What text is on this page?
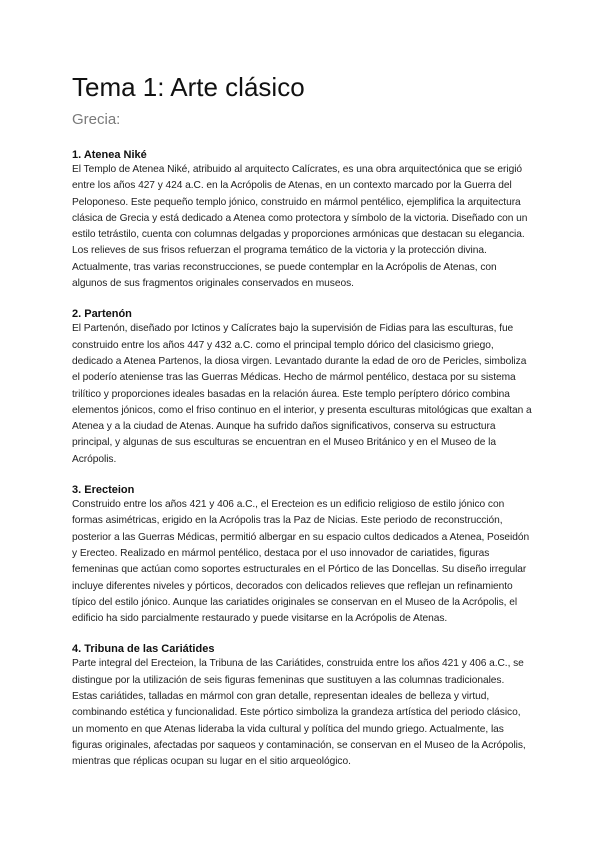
Tema 1: Arte clásico

Grecia:

1. Atenea Niké

El Templo de Atenea Niké, atribuido al arquitecto Calícrates, es una obra arquitectónica que se erigió entre los años 427 y 424 a.C. en la Acrópolis de Atenas, en un contexto marcado por la Guerra del Peloponeso. Este pequeño templo jónico, construido en mármol pentélico, ejemplifica la arquitectura clásica de Grecia y está dedicado a Atenea como protectora y símbolo de la victoria. Diseñado con un estilo tetrástilo, cuenta con columnas delgadas y proporciones armónicas que destacan su elegancia. Los relieves de sus frisos refuerzan el programa temático de la victoria y la protección divina. Actualmente, tras varias reconstrucciones, se puede contemplar en la Acrópolis de Atenas, con algunos de sus fragmentos originales conservados en museos.

2. Partenón

El Partenón, diseñado por Ictinos y Calícrates bajo la supervisión de Fidias para las esculturas, fue construido entre los años 447 y 432 a.C. como el principal templo dórico del clasicismo griego, dedicado a Atenea Partenos, la diosa virgen. Levantado durante la edad de oro de Pericles, simboliza el poderío ateniense tras las Guerras Médicas. Hecho de mármol pentélico, destaca por su sistema trilítico y proporciones ideales basadas en la relación áurea. Este templo períptero dórico combina elementos jónicos, como el friso continuo en el interior, y presenta esculturas mitológicas que exaltan a Atenea y a la ciudad de Atenas. Aunque ha sufrido daños significativos, conserva su estructura principal, y algunas de sus esculturas se encuentran en el Museo Británico y en el Museo de la Acrópolis.

3. Erecteion

Construido entre los años 421 y 406 a.C., el Erecteion es un edificio religioso de estilo jónico con formas asimétricas, erigido en la Acrópolis tras la Paz de Nicias. Este periodo de reconstrucción, posterior a las Guerras Médicas, permitió albergar en su espacio cultos dedicados a Atenea, Poseidón y Erecteo. Realizado en mármol pentélico, destaca por el uso innovador de cariatides, figuras femeninas que actúan como soportes estructurales en el Pórtico de las Doncellas. Su diseño irregular incluye diferentes niveles y pórticos, decorados con delicados relieves que reflejan un refinamiento típico del estilo jónico. Aunque las cariatides originales se conservan en el Museo de la Acrópolis, el edificio ha sido parcialmente restaurado y puede visitarse en la Acrópolis de Atenas.

4. Tribuna de las Cariátides

Parte integral del Erecteion, la Tribuna de las Cariátides, construida entre los años 421 y 406 a.C., se distingue por la utilización de seis figuras femeninas que sustituyen a las columnas tradicionales. Estas cariátides, talladas en mármol con gran detalle, representan ideales de belleza y virtud, combinando estética y funcionalidad. Este pórtico simboliza la grandeza artística del periodo clásico, un momento en que Atenas lideraba la vida cultural y política del mundo griego. Actualmente, las figuras originales, afectadas por saqueos y contaminación, se conservan en el Museo de la Acrópolis, mientras que réplicas ocupan su lugar en el sitio arqueológico.
